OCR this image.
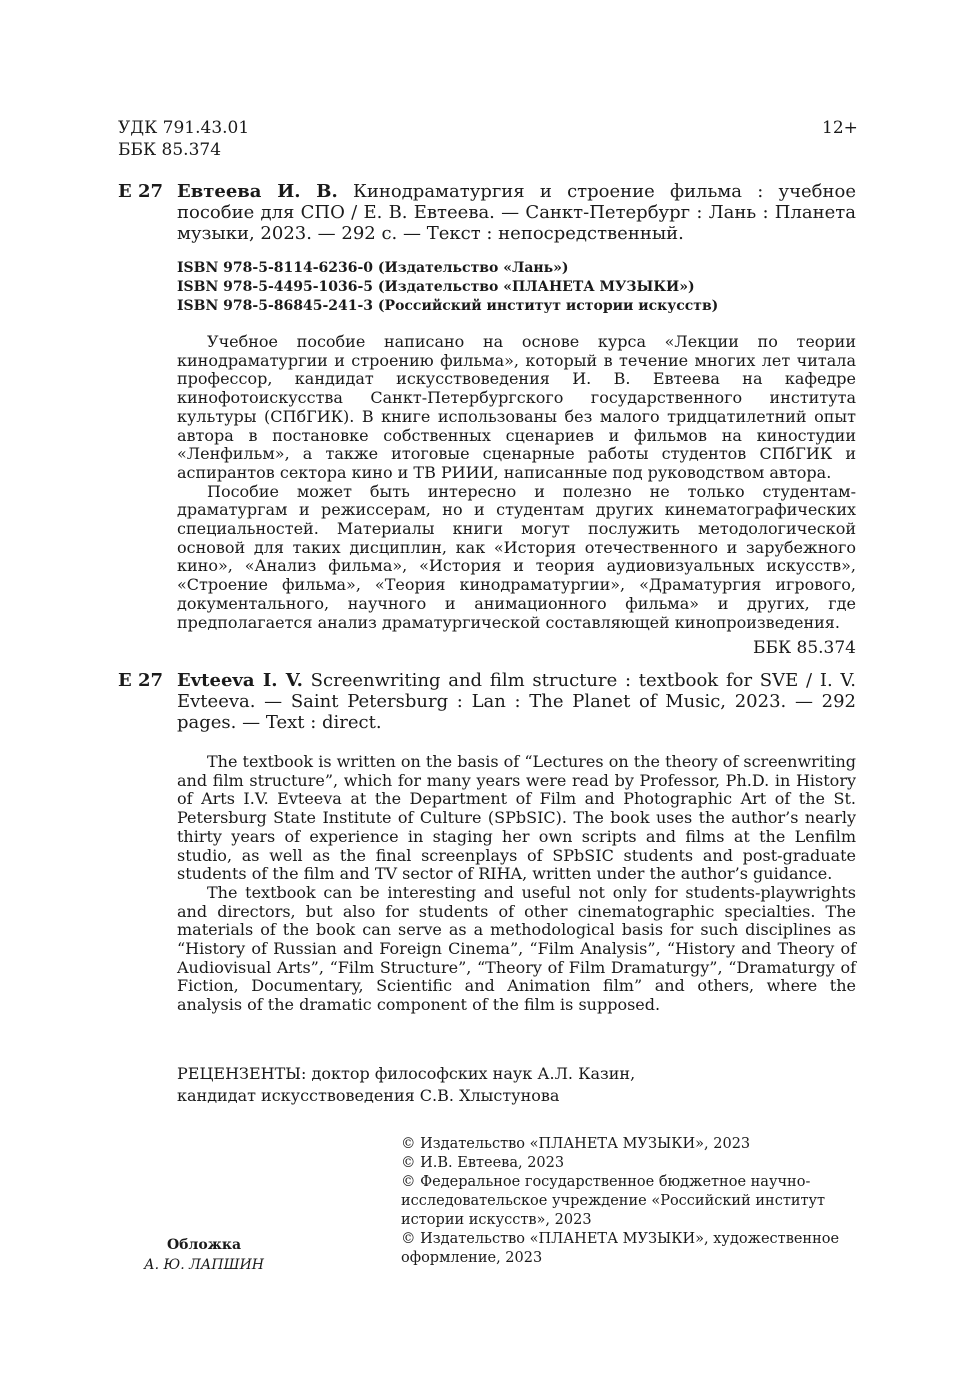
УДК 791.43.01
ББК 85.374
12+
Е 27 Евтеева И. В. Кинодраматургия и строение фильма : учебное пособие для СПО / Е. В. Евтеева. — Санкт-Петербург : Лань : Планета музыки, 2023. — 292 с. — Текст : непосредственный.
ISBN 978-5-8114-6236-0 (Издательство «Лань»)
ISBN 978-5-4495-1036-5 (Издательство «ПЛАНЕТА МУЗЫКИ»)
ISBN 978-5-86845-241-3 (Российский институт истории искусств)

Учебное пособие написано на основе курса «Лекции по теории кинодраматургии и строению фильма», который в течение многих лет читала профессор, кандидат искусствоведения И. В. Евтеева на кафедре кинофотоискусства Санкт-Петербургского государственного института культуры (СПбГИК). В книге использованы без малого тридцатилетний опыт автора в постановке собственных сценариев и фильмов на киностудии «Ленфильм», а также итоговые сценарные работы студентов СПбГИК и аспирантов сектора кино и ТВ РИИИ, написанные под руководством автора.

Пособие может быть интересно и полезно не только студентам-драматургам и режиссерам, но и студентам других кинематографических специальностей. Материалы книги могут послужить методологической основой для таких дисциплин, как «История отечественного и зарубежного кино», «Анализ фильма», «История и теория аудиовизуальных искусств», «Строение фильма», «Теория кинодраматургии», «Драматургия игрового, документального, научного и анимационного фильма» и других, где предполагается анализ драматургической составляющей кинопроизведения.

ББК 85.374
Е 27 Evteeva I. V. Screenwriting and film structure : textbook for SVE / I. V. Evteeva. — Saint Petersburg : Lan : The Planet of Music, 2023. — 292 pages. — Text : direct.

The textbook is written on the basis of “Lectures on the theory of screenwriting and film structure”, which for many years were read by Professor, Ph.D. in History of Arts I.V. Evteeva at the Department of Film and Photographic Art of the St. Petersburg State Institute of Culture (SPbSIC). The book uses the author’s nearly thirty years of experience in staging her own scripts and films at the Lenfilm studio, as well as the final screenplays of SPbSIC students and post-graduate students of the film and TV sector of RIHA, written under the author’s guidance.

The textbook can be interesting and useful not only for students-playwrights and directors, but also for students of other cinematographic specialties. The materials of the book can serve as a methodological basis for such disciplines as “History of Russian and Foreign Cinema”, “Film Analysis”, “History and Theory of Audiovisual Arts”, “Film Structure”, “Theory of Film Dramaturgy”, “Dramaturgy of Fiction, Documentary, Scientific and Animation film” and others, where the analysis of the dramatic component of the film is supposed.

РЕЦЕНЗЕНТЫ: доктор философских наук А.Л. Казин,
кандидат искусствоведения С.В. Хлыстунова
© Издательство «ПЛАНЕТА МУЗЫКИ», 2023
© И.В. Евтеева, 2023
© Федеральное государственное бюджетное научно-исследовательское учреждение «Российский институт истории искусств», 2023
© Издательство «ПЛАНЕТА МУЗЫКИ», художественное оформление, 2023
Обложка
А. Ю. ЛАПШИН
